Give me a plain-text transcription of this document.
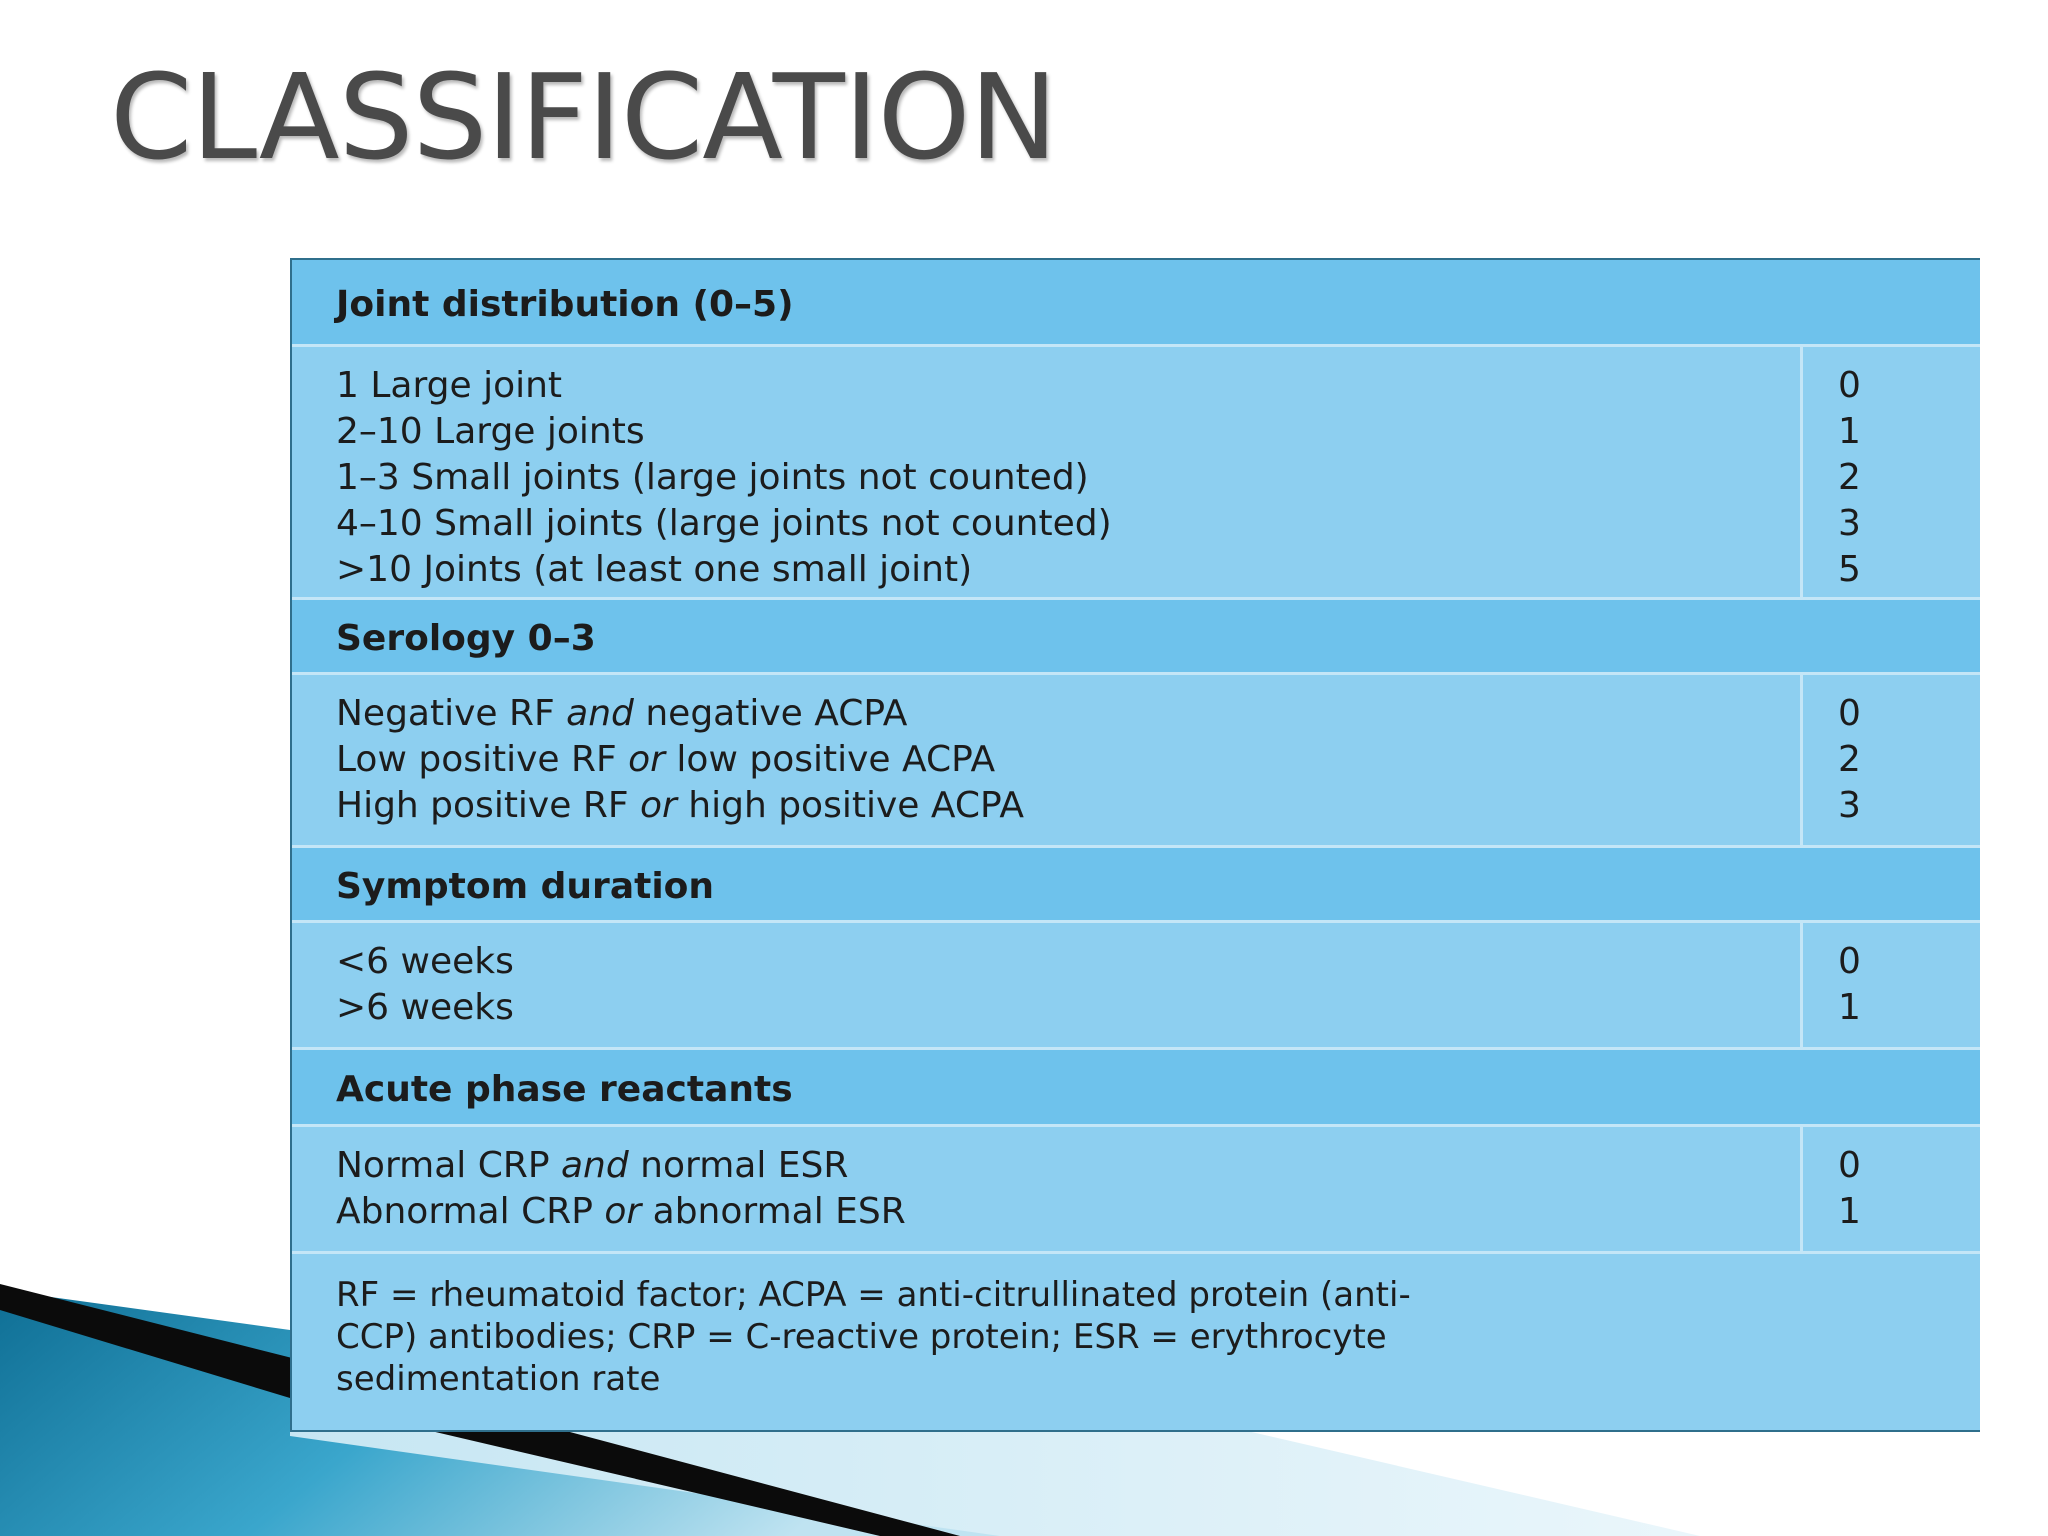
CLASSIFICATION
Joint distribution (0–5)
1 Large joint	0
2–10 Large joints	1
1–3 Small joints (large joints not counted)	2
4–10 Small joints (large joints not counted)	3
>10 Joints (at least one small joint)	5
Serology 0–3
Negative RF and negative ACPA	0
Low positive RF or low positive ACPA	2
High positive RF or high positive ACPA	3
Symptom duration
<6 weeks	0
>6 weeks	1
Acute phase reactants
Normal CRP and normal ESR	0
Abnormal CRP or abnormal ESR	1
RF = rheumatoid factor; ACPA = anti-citrullinated protein (anti-
CCP) antibodies; CRP = C-reactive protein; ESR = erythrocyte
sedimentation rate
